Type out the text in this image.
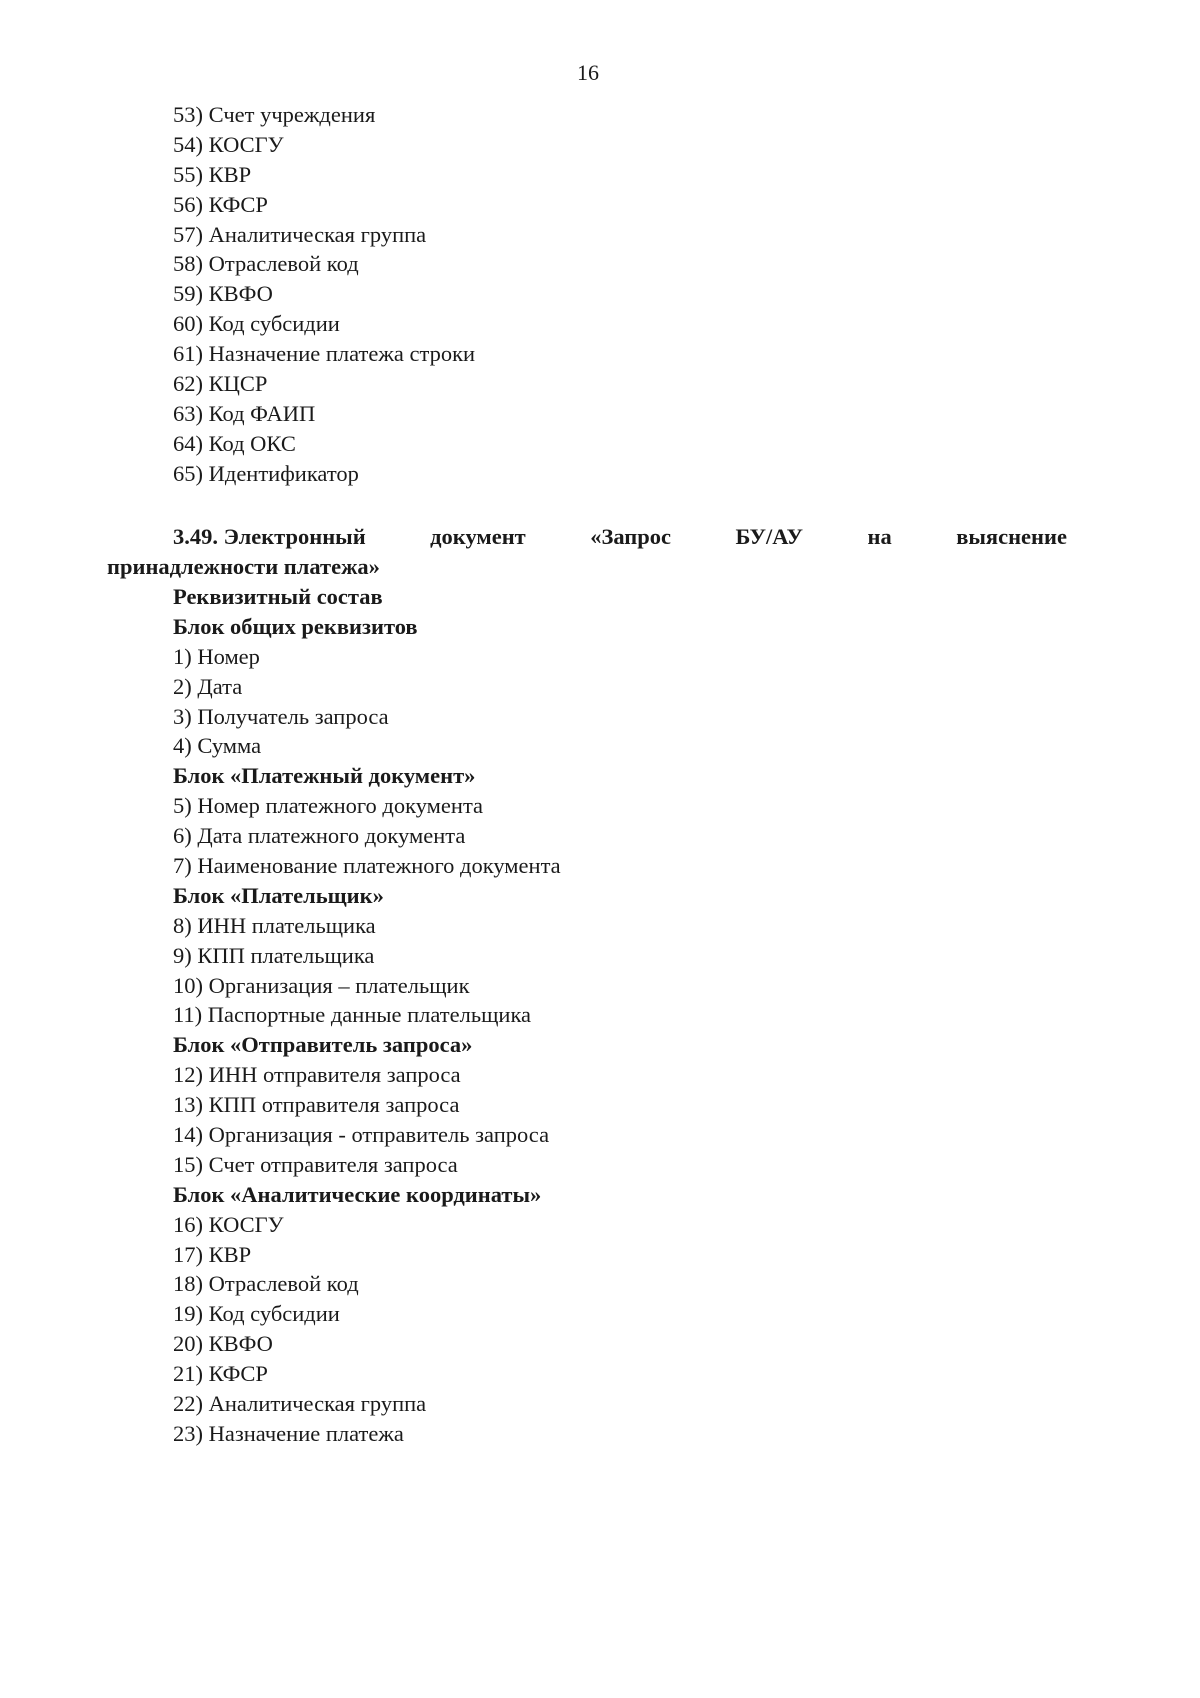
16
53) Счет учреждения
54) КОСГУ
55) КВР
56) КФСР
57) Аналитическая группа
58) Отраслевой код
59) КВФО
60) Код субсидии
61) Назначение платежа строки
62) КЦСР
63) Код ФАИП
64) Код ОКС
65) Идентификатор
3.49. Электронный	документ	«Запрос	БУ/АУ	на	выяснение
принадлежности платежа»
Реквизитный состав
Блок общих реквизитов
1) Номер
2) Дата
3) Получатель запроса
4) Сумма
Блок «Платежный документ»
5) Номер платежного документа
6) Дата платежного документа
7) Наименование платежного документа
Блок «Плательщик»
8) ИНН плательщика
9) КПП плательщика
10) Организация – плательщик
11) Паспортные данные плательщика
Блок «Отправитель запроса»
12) ИНН отправителя запроса
13) КПП отправителя запроса
14) Организация - отправитель запроса
15) Счет отправителя запроса
Блок «Аналитические координаты»
16) КОСГУ
17) КВР
18) Отраслевой код
19) Код субсидии
20) КВФО
21) КФСР
22) Аналитическая группа
23) Назначение платежа
